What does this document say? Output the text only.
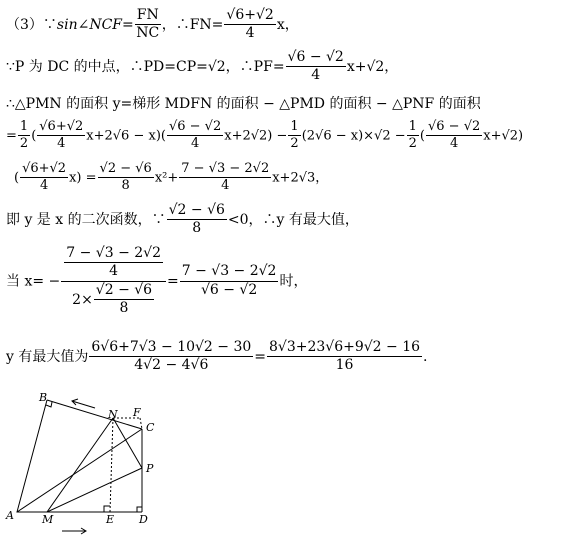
（3）∵sin∠NCF= $\frac{FN}{NC}$ ，∴FN= $\frac{√6+√2}{4}$ x，
∵P 为 DC 的中点，∴PD=CP=√2，∴PF= $\frac{√6 - √2}{4} x+√2$，
∴△PMN 的面积 y=梯形 MDFN 的面积 − △PMD 的面积 − △PNF 的面积
= $\frac{1}{2}$ ( $\frac{√6+√2}{4} x+2√6 - x)( \frac{√6 - √2}{4} x+2√2) - \frac{1}{2} (2√6 - x)\times√2 - \frac{1}{2}$ ( $\frac{√6 - √2}{4} x+√2$)
( $\frac{√6+√2}{4} x) = \frac{√2 - √6}{8} x^2+ \frac{7 - √3 - 2√2}{4} x+2√3$，
即 y 是 x 的二次函数，∵ $\frac{√2 - √6}{8} <0$，∴y 有最大值，
当 $x= - \frac{\frac{7 - √3 - 2√2}{4}}{2\times \frac{√2 - √6}{8}} = \frac{7 - √3 - 2√2}{√6 - √2}$ 时，
y 有最大值为 $\frac{6√6+7√3 - 10√2 - 30}{4√2 - 4√6} = \frac{8√3+23√6+9√2 - 16}{16}$ .
B
N F
C
P
A	M	E D
